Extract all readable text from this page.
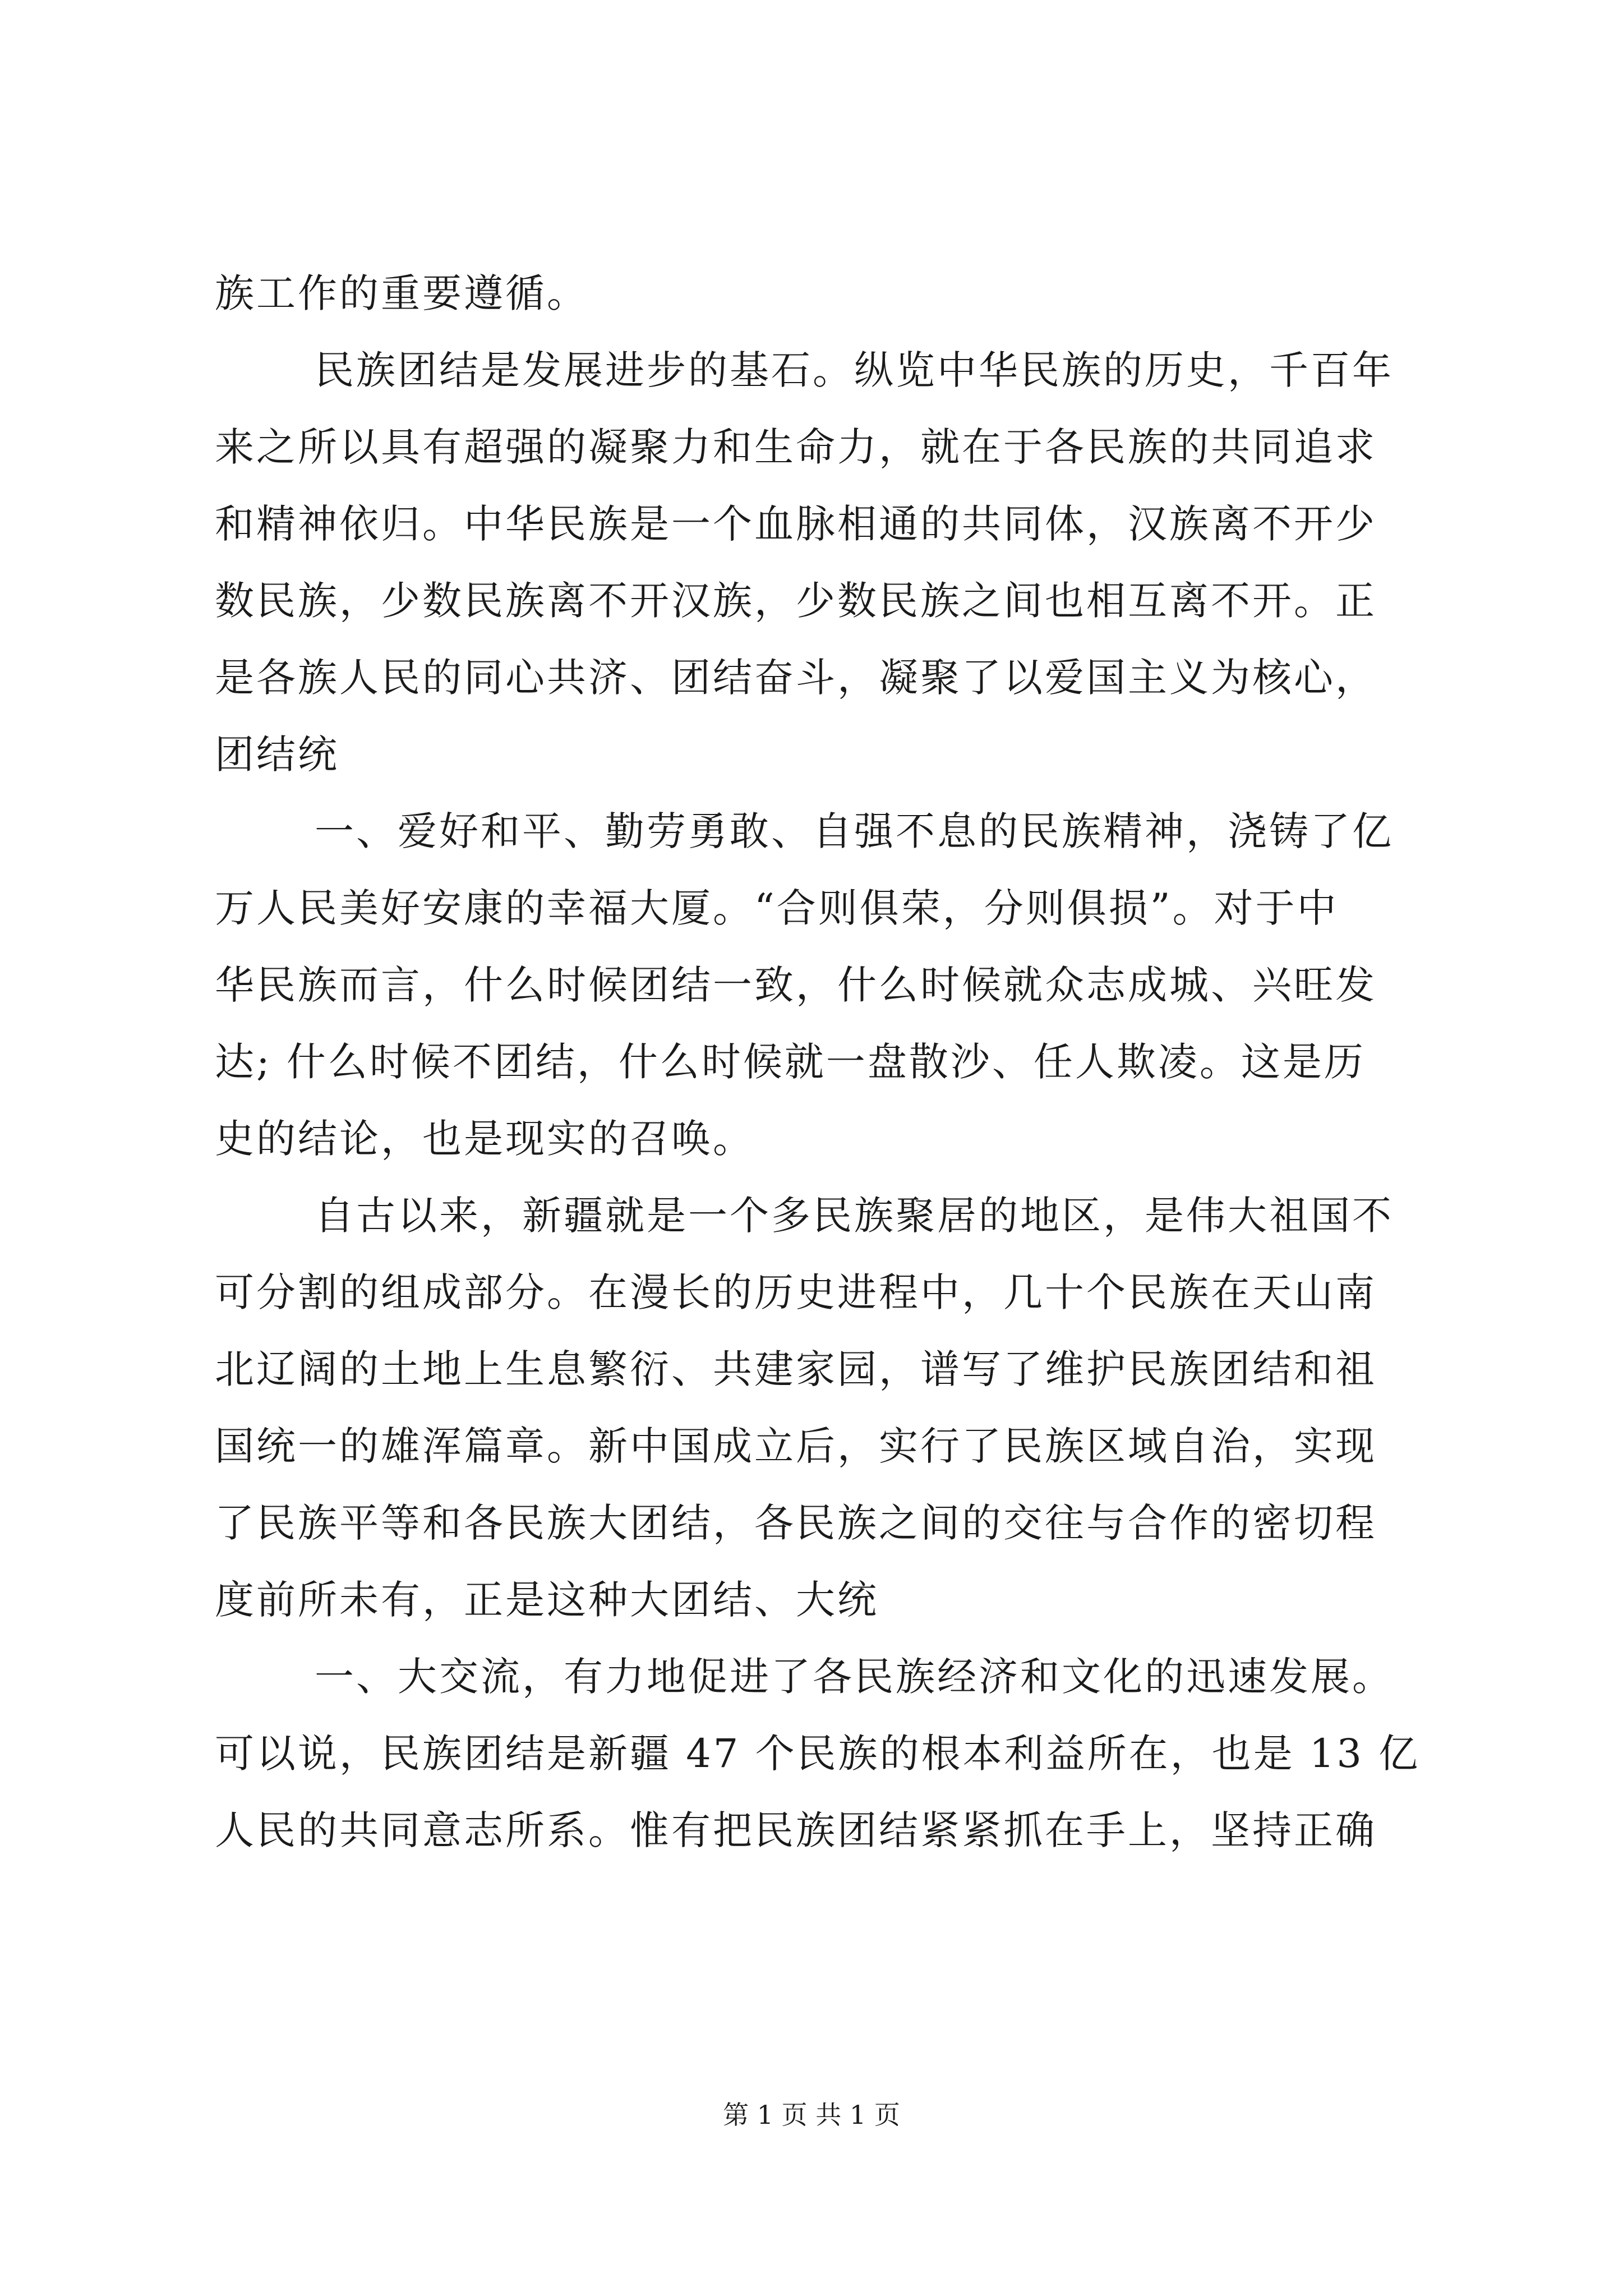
族工作的重要遵循。
民族团结是发展进步的基石。纵览中华民族的历史，千百年
来之所以具有超强的凝聚力和生命力，就在于各民族的共同追求
和精神依归。中华民族是一个血脉相通的共同体，汉族离不开少
数民族，少数民族离不开汉族，少数民族之间也相互离不开。正
是各族人民的同心共济、团结奋斗，凝聚了以爱国主义为核心，
团结统
一、爱好和平、勤劳勇敢、自强不息的民族精神，浇铸了亿
万人民美好安康的幸福大厦。“合则俱荣，分则俱损”。对于中
华民族而言，什么时候团结一致，什么时候就众志成城、兴旺发
达; 什么时候不团结，什么时候就一盘散沙、任人欺凌。这是历
史的结论，也是现实的召唤。
自古以来，新疆就是一个多民族聚居的地区，是伟大祖国不
可分割的组成部分。在漫长的历史进程中，几十个民族在天山南
北辽阔的土地上生息繁衍、共建家园，谱写了维护民族团结和祖
国统一的雄浑篇章。新中国成立后，实行了民族区域自治，实现
了民族平等和各民族大团结，各民族之间的交往与合作的密切程
度前所未有，正是这种大团结、大统
一、大交流，有力地促进了各民族经济和文化的迅速发展。
可以说，民族团结是新疆 47 个民族的根本利益所在，也是 13 亿
人民的共同意志所系。惟有把民族团结紧紧抓在手上，坚持正确
第 1 页 共 1 页
